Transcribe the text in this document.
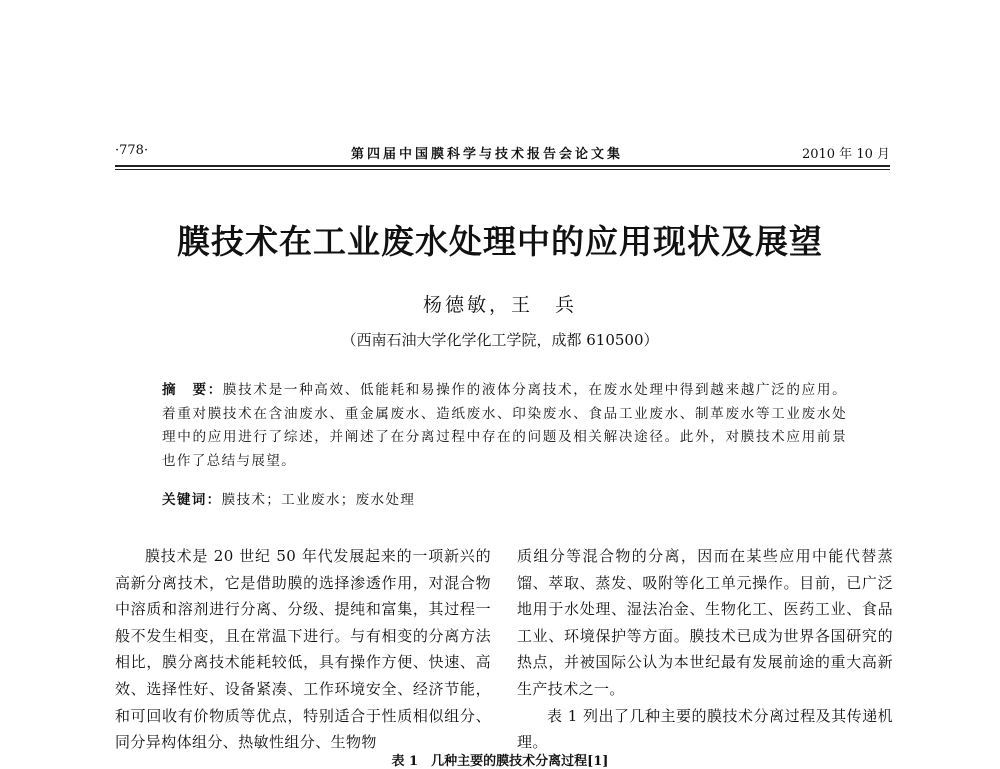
·778·	第四届中国膜科学与技术报告会论文集	2010 年 10 月
膜技术在工业废水处理中的应用现状及展望
杨德敏，王　兵
（西南石油大学化学化工学院，成都 610500）
摘　要：膜技术是一种高效、低能耗和易操作的液体分离技术，在废水处理中得到越来越广泛的应用。着重对膜技术在含油废水、重金属废水、造纸废水、印染废水、食品工业废水、制革废水等工业废水处理中的应用进行了综述，并阐述了在分离过程中存在的问题及相关解决途径。此外，对膜技术应用前景也作了总结与展望。
关键词：膜技术；工业废水；废水处理

膜技术是 20 世纪 50 年代发展起来的一项新兴的高新分离技术，它是借助膜的选择渗透作用，对混合物中溶质和溶剂进行分离、分级、提纯和富集，其过程一般不发生相变，且在常温下进行。与有相变的分离方法相比，膜分离技术能耗较低，具有操作方便、快速、高效、选择性好、设备紧凑、工作环境安全、经济节能，和可回收有价物质等优点，特别适合于性质相似组分、同分异构体组分、热敏性组分、生物物

质组分等混合物的分离，因而在某些应用中能代替蒸馏、萃取、蒸发、吸附等化工单元操作。目前，已广泛地用于水处理、湿法冶金、生物化工、医药工业、食品工业、环境保护等方面。膜技术已成为世界各国研究的热点，并被国际公认为本世纪最有发展前途的重大高新生产技术之一。

表 1 列出了几种主要的膜技术分离过程及其传递机理。

表 1　几种主要的膜技术分离过程[1]
